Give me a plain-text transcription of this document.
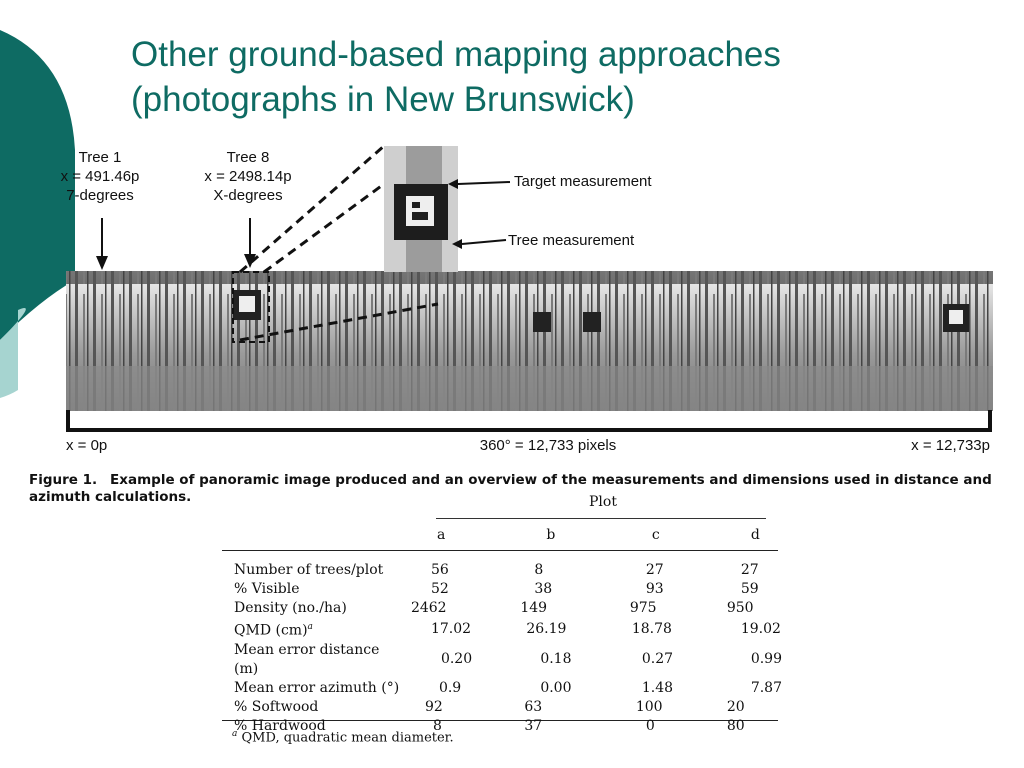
Other ground-based mapping approaches
(photographs in New Brunswick)
Tree 1
x = 491.46p
7-degrees
Tree 8
x = 2498.14p
X-degrees
Target measurement
Tree measurement
x = 0p	360° = 12,733 pixels	x = 12,733p
Figure 1. Example of panoramic image produced and an overview of the measurements and dimensions used in distance and azimuth calculations.	Plot
	a	b	c	d

Number of trees/plot	56	8	27	27
% Visible	52	38	93	59
Density (no./ha)	2462	149	975	950
QMD (cm)$^a$	17.02	26.19	18.78	19.02
Mean error distance (m)	0.20	0.18	0.27	0.99
Mean error azimuth (°)	0.9	0.00	1.48	7.87
% Softwood	92	63	100	20
% Hardwood	8	37	0	80
$^a$ QMD, quadratic mean diameter.
